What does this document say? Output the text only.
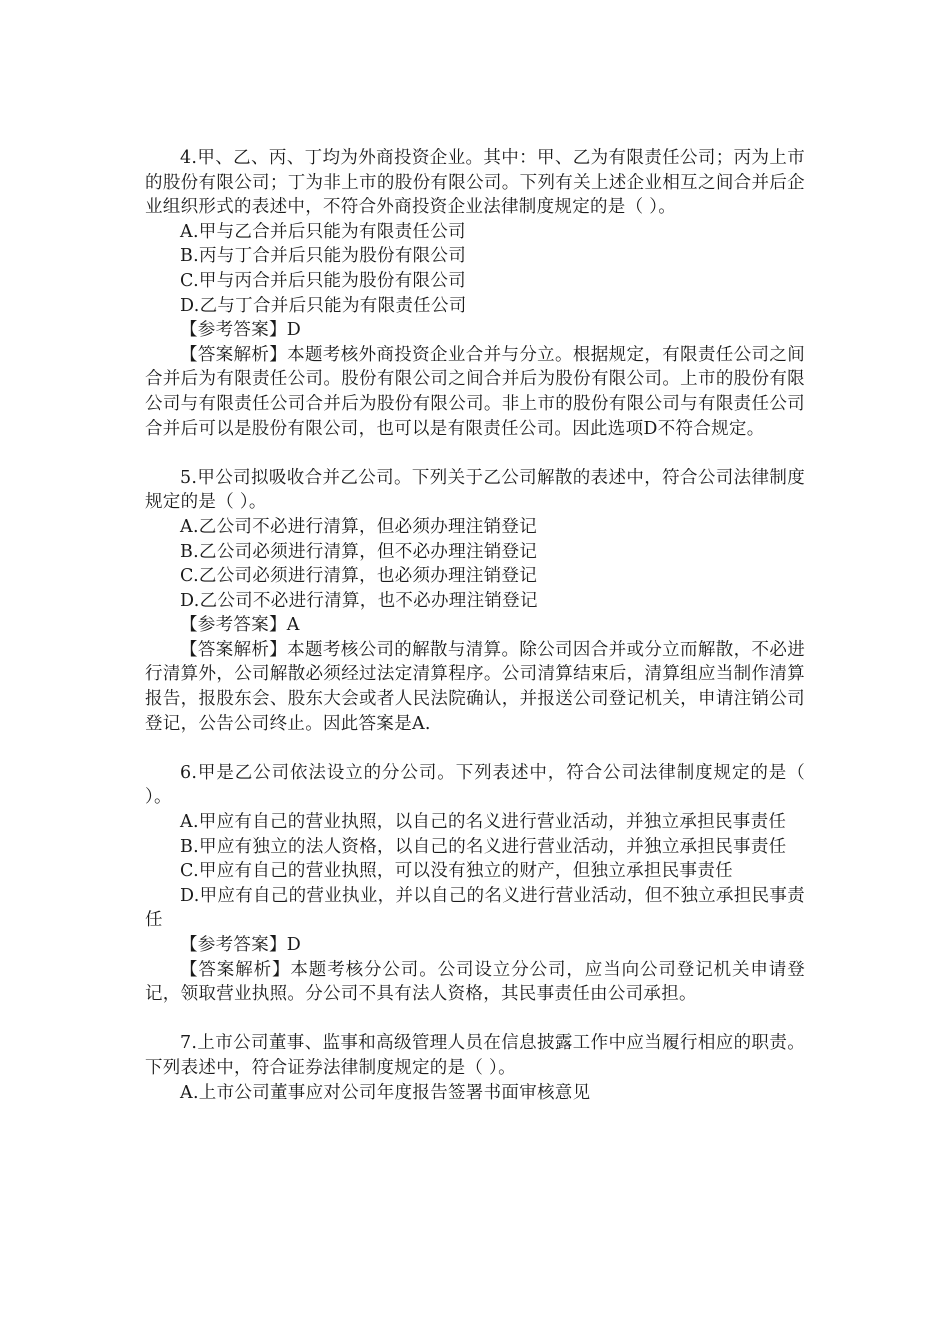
4.甲、乙、丙、丁均为外商投资企业。其中：甲、乙为有限责任公司；丙为上市的股份有限公司；丁为非上市的股份有限公司。下列有关上述企业相互之间合并后企业组织形式的表述中，不符合外商投资企业法律制度规定的是（ ）。

A.甲与乙合并后只能为有限责任公司

B.丙与丁合并后只能为股份有限公司

C.甲与丙合并后只能为股份有限公司

D.乙与丁合并后只能为有限责任公司

【参考答案】D

【答案解析】本题考核外商投资企业合并与分立。根据规定，有限责任公司之间合并后为有限责任公司。股份有限公司之间合并后为股份有限公司。上市的股份有限公司与有限责任公司合并后为股份有限公司。非上市的股份有限公司与有限责任公司合并后可以是股份有限公司，也可以是有限责任公司。因此选项D不符合规定。

5.甲公司拟吸收合并乙公司。下列关于乙公司解散的表述中，符合公司法律制度规定的是（ ）。

A.乙公司不必进行清算，但必须办理注销登记

B.乙公司必须进行清算，但不必办理注销登记

C.乙公司必须进行清算，也必须办理注销登记

D.乙公司不必进行清算，也不必办理注销登记

【参考答案】A

【答案解析】本题考核公司的解散与清算。除公司因合并或分立而解散，不必进行清算外，公司解散必须经过法定清算程序。公司清算结束后，清算组应当制作清算报告，报股东会、股东大会或者人民法院确认，并报送公司登记机关，申请注销公司登记，公告公司终止。因此答案是A.

6.甲是乙公司依法设立的分公司。下列表述中，符合公司法律制度规定的是（ ）。

A.甲应有自己的营业执照，以自己的名义进行营业活动，并独立承担民事责任

B.甲应有独立的法人资格，以自己的名义进行营业活动，并独立承担民事责任

C.甲应有自己的营业执照，可以没有独立的财产，但独立承担民事责任

D.甲应有自己的营业执业，并以自己的名义进行营业活动，但不独立承担民事责任

【参考答案】D

【答案解析】本题考核分公司。公司设立分公司，应当向公司登记机关申请登记，领取营业执照。分公司不具有法人资格，其民事责任由公司承担。

7.上市公司董事、监事和高级管理人员在信息披露工作中应当履行相应的职责。下列表述中，符合证券法律制度规定的是（ ）。

A.上市公司董事应对公司年度报告签署书面审核意见
